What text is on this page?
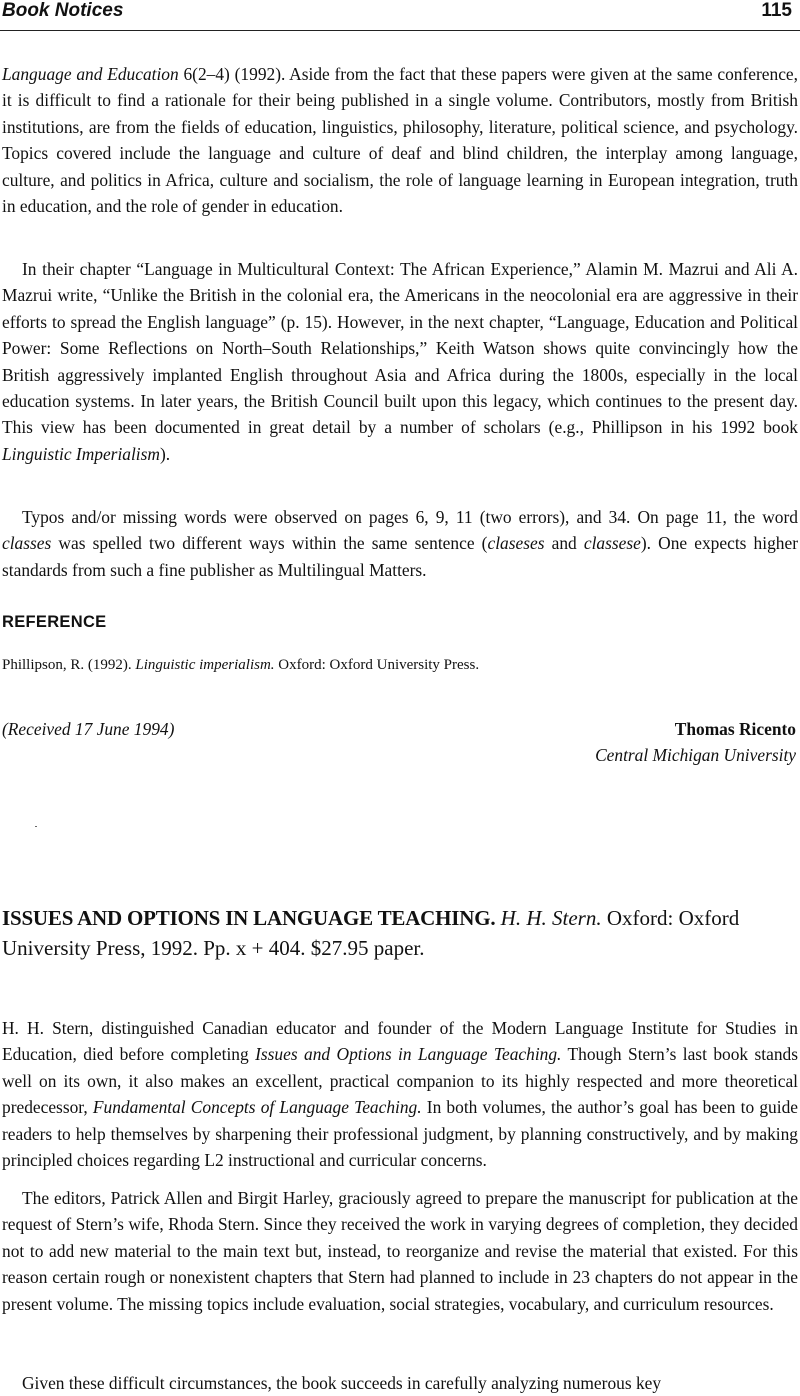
Book Notices	115

Language and Education 6(2–4) (1992). Aside from the fact that these papers were given at the same conference, it is difficult to find a rationale for their being published in a single volume. Contributors, mostly from British institutions, are from the fields of education, linguistics, philosophy, literature, political science, and psychology. Topics covered include the language and culture of deaf and blind children, the interplay among language, culture, and politics in Africa, culture and socialism, the role of language learning in European integration, truth in education, and the role of gender in education.

In their chapter “Language in Multicultural Context: The African Experience,” Alamin M. Mazrui and Ali A. Mazrui write, “Unlike the British in the colonial era, the Americans in the neocolonial era are aggressive in their efforts to spread the English language” (p. 15). However, in the next chapter, “Language, Education and Political Power: Some Reflections on North–South Relationships,” Keith Watson shows quite convincingly how the British aggressively implanted English throughout Asia and Africa during the 1800s, especially in the local education systems. In later years, the British Council built upon this legacy, which continues to the present day. This view has been documented in great detail by a number of scholars (e.g., Phillipson in his 1992 book Linguistic Imperialism).

Typos and/or missing words were observed on pages 6, 9, 11 (two errors), and 34. On page 11, the word classes was spelled two different ways within the same sentence (claseses and classese). One expects higher standards from such a fine publisher as Multilingual Matters.

REFERENCE
Phillipson, R. (1992). Linguistic imperialism. Oxford: Oxford University Press.
(Received 17 June 1994)	Thomas Ricento
Central Michigan University
ISSUES AND OPTIONS IN LANGUAGE TEACHING. H. H. Stern. Oxford: Oxford University Press, 1992. Pp. x + 404. $27.95 paper.

H. H. Stern, distinguished Canadian educator and founder of the Modern Language Institute for Studies in Education, died before completing Issues and Options in Language Teaching. Though Stern’s last book stands well on its own, it also makes an excellent, practical companion to its highly respected and more theoretical predecessor, Fundamental Concepts of Language Teaching. In both volumes, the author’s goal has been to guide readers to help themselves by sharpening their professional judgment, by planning constructively, and by making principled choices regarding L2 instructional and curricular concerns.

The editors, Patrick Allen and Birgit Harley, graciously agreed to prepare the manuscript for publication at the request of Stern’s wife, Rhoda Stern. Since they received the work in varying degrees of completion, they decided not to add new material to the main text but, instead, to reorganize and revise the material that existed. For this reason certain rough or nonexistent chapters that Stern had planned to include in 23 chapters do not appear in the present volume. The missing topics include evaluation, social strategies, vocabulary, and curriculum resources.

Given these difficult circumstances, the book succeeds in carefully analyzing numerous key
